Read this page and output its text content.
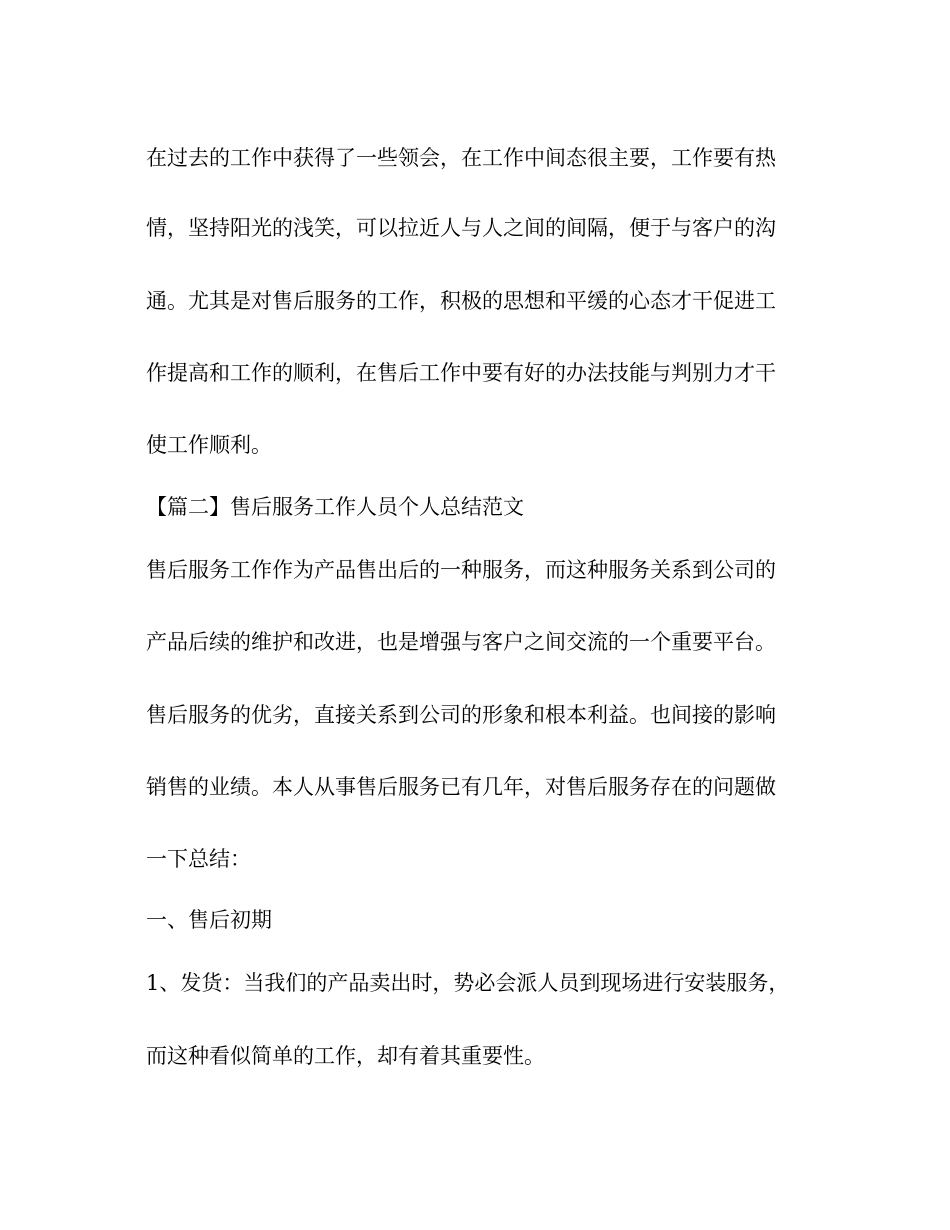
在过去的工作中获得了一些领会，在工作中间态很主要，工作要有热
情，坚持阳光的浅笑，可以拉近人与人之间的间隔，便于与客户的沟
通。尤其是对售后服务的工作，积极的思想和平缓的心态才干促进工
作提高和工作的顺利，在售后工作中要有好的办法技能与判别力才干
使工作顺利。
【篇二】售后服务工作人员个人总结范文
售后服务工作作为产品售出后的一种服务，而这种服务关系到公司的
产品后续的维护和改进，也是增强与客户之间交流的一个重要平台。
售后服务的优劣，直接关系到公司的形象和根本利益。也间接的影响
销售的业绩。本人从事售后服务已有几年，对售后服务存在的问题做
一下总结：
一、售后初期
1、发货：当我们的产品卖出时，势必会派人员到现场进行安装服务，
而这种看似简单的工作，却有着其重要性。
